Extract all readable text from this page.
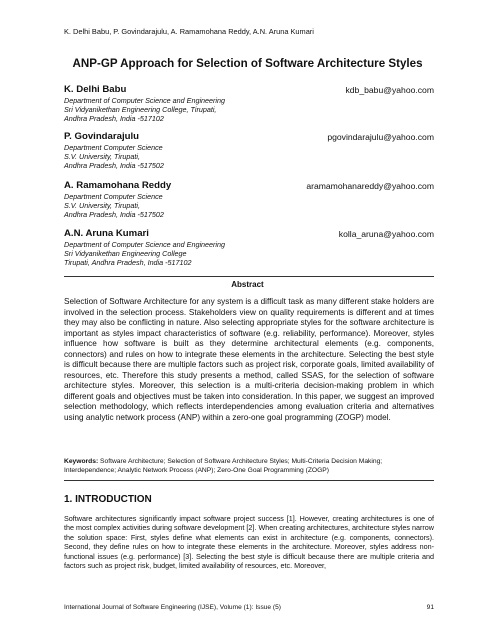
K. Delhi Babu, P. Govindarajulu, A. Ramamohana Reddy, A.N. Aruna Kumari
ANP-GP Approach for Selection of Software Architecture Styles
K. Delhi Babu	kdb_babu@yahoo.com
Department of Computer Science and Engineering
Sri Vidyanikethan Engineering College, Tirupati,
Andhra Pradesh, India -517102
P. Govindarajulu	pgovindarajulu@yahoo.com
Department Computer Science
S.V. University, Tirupati,
Andhra Pradesh, India -517502
A. Ramamohana Reddy	aramamohanareddy@yahoo.com
Department Computer Science
S.V. University, Tirupati,
Andhra Pradesh, India -517502
A.N. Aruna Kumari	kolla_aruna@yahoo.com
Department of Computer Science and Engineering
Sri Vidyanikethan Engineering College
Tirupati, Andhra Pradesh, India -517102
Abstract

Selection of Software Architecture for any system is a difficult task as many different stake holders are involved in the selection process. Stakeholders view on quality requirements is different and at times they may also be conflicting in nature. Also selecting appropriate styles for the software architecture is important as styles impact characteristics of software (e.g. reliability, performance). Moreover, styles influence how software is built as they determine architectural elements (e.g. components, connectors) and rules on how to integrate these elements in the architecture. Selecting the best style is difficult because there are multiple factors such as project risk, corporate goals, limited availability of resources, etc. Therefore this study presents a method, called SSAS, for the selection of software architecture styles. Moreover, this selection is a multi-criteria decision-making problem in which different goals and objectives must be taken into consideration. In this paper, we suggest an improved selection methodology, which reflects interdependencies among evaluation criteria and alternatives using analytic network process (ANP) within a zero-one goal programming (ZOGP) model.

Keywords: Software Architecture; Selection of Software Architecture Styles; Multi-Criteria Decision Making; Interdependence; Analytic Network Process (ANP); Zero-One Goal Programming (ZOGP)

1. INTRODUCTION

Software architectures significantly impact software project success [1]. However, creating architectures is one of the most complex activities during software development [2]. When creating architectures, architecture styles narrow the solution space: First, styles define what elements can exist in architecture (e.g. components, connectors). Second, they define rules on how to integrate these elements in the architecture. Moreover, styles address non-functional issues (e.g. performance) [3]. Selecting the best style is difficult because there are multiple criteria and factors such as project risk, budget, limited availability of resources, etc. Moreover,

International Journal of Software Engineering (IJSE), Volume (1): Issue (5)	91
